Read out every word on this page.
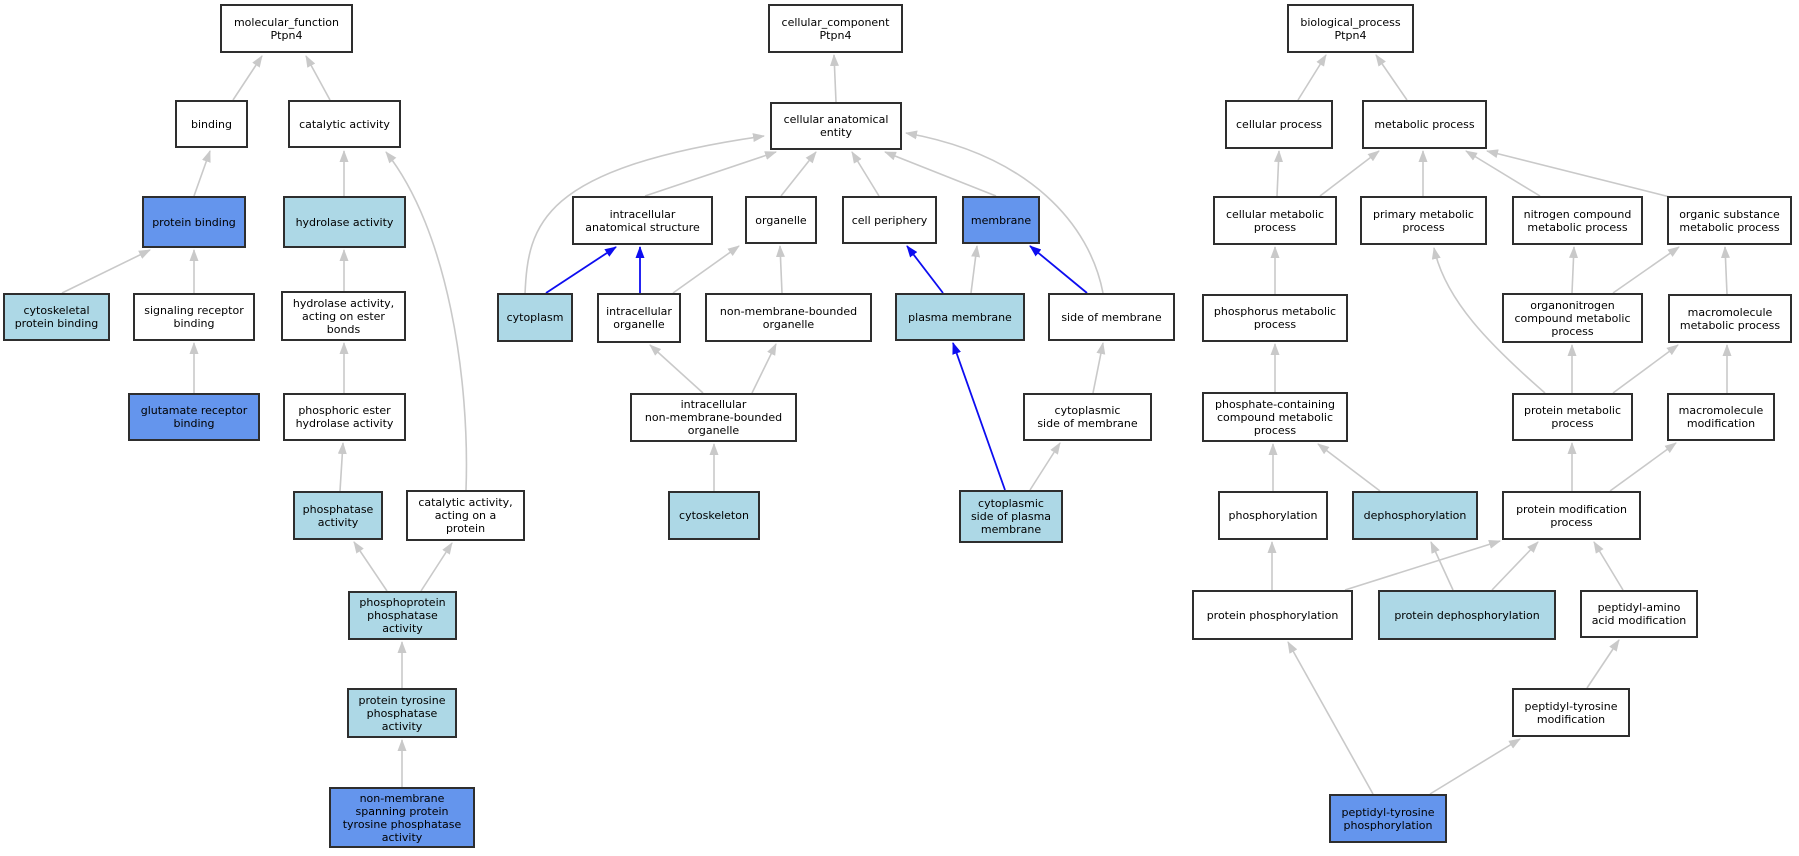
molecular_function
Ptpn4
binding	catalytic activity
protein binding	hydrolase activity
cytoskeletal
protein binding
signaling receptor
binding
hydrolase activity,
acting on ester
bonds
glutamate receptor
binding
phosphoric ester
hydrolase activity
phosphatase
activity
catalytic activity,
acting on a
protein
phosphoprotein
phosphatase
activity
protein tyrosine
phosphatase
activity
non-membrane
spanning protein
tyrosine phosphatase
activity
cellular_component
Ptpn4
cellular anatomical
entity
intracellular
anatomical structure
organelle	cell periphery	membrane
cytoplasm	intracellular
organelle
non-membrane-bounded
organelle
plasma membrane	side of membrane
intracellular
non-membrane-bounded
organelle
cytoskeleton
cytoplasmic
side of membrane
cytoplasmic
side of plasma
membrane
biological_process
Ptpn4
cellular process	metabolic process
cellular metabolic
process
primary metabolic
process
nitrogen compound
metabolic process
organic substance
metabolic process
phosphorus metabolic
process
organonitrogen
compound metabolic
process
macromolecule
metabolic process
phosphate-containing
compound metabolic
process
protein metabolic
process
macromolecule
modification
phosphorylation	dephosphorylation	protein modification
process
protein phosphorylation	protein dephosphorylation
peptidyl-amino
acid modification
peptidyl-tyrosine
modification
peptidyl-tyrosine
phosphorylation
